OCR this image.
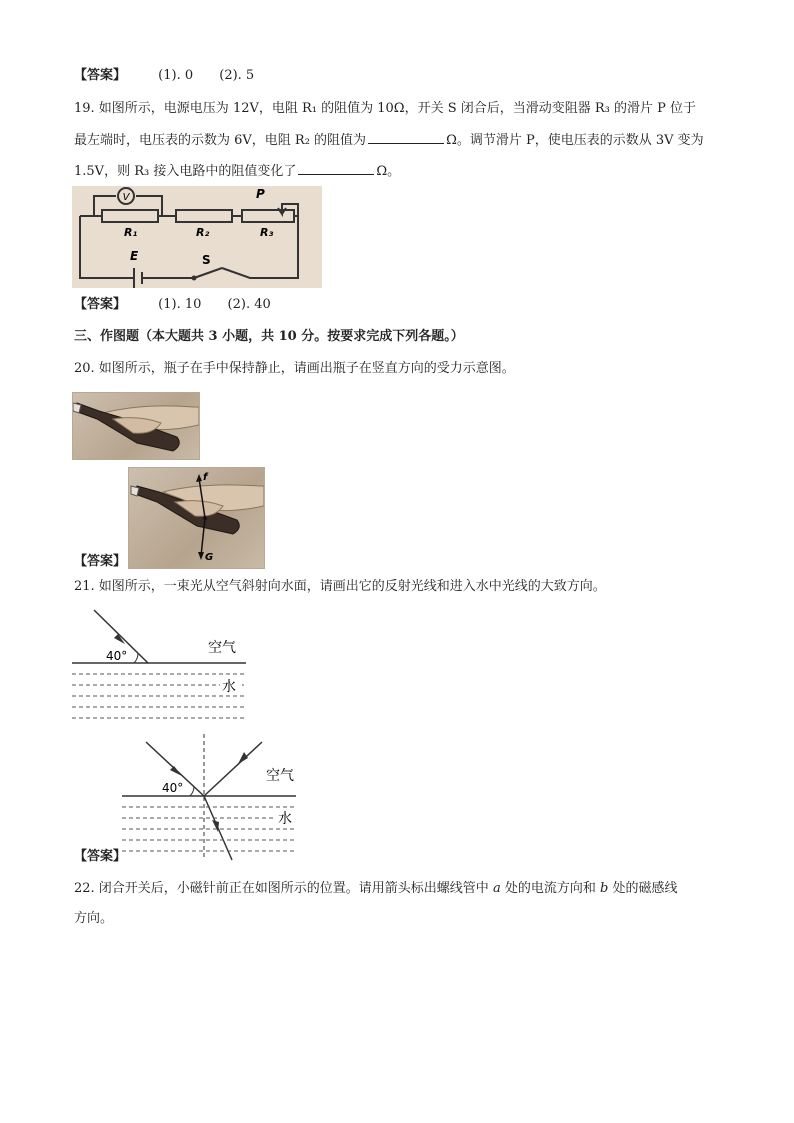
【答案】 (1). 0 (2). 5
19. 如图所示，电源电压为 12V，电阻 R₁ 的阻值为 10Ω，开关 S 闭合后，当滑动变阻器 R₃ 的滑片 P 位于
最左端时，电压表的示数为 6V，电阻 R₂ 的阻值为	Ω。调节滑片 P，使电压表的示数从 3V 变为
1.5V，则 R₃ 接入电路中的阻值变化了	Ω。
V	P
R₁	R₂	R₃
E	S
【答案】 (1). 10 (2). 40
三、作图题（本大题共 3 小题，共 10 分。按要求完成下列各题。）
20. 如图所示，瓶子在手中保持静止，请画出瓶子在竖直方向的受力示意图。
f
G
【答案】
21. 如图所示，一束光从空气斜射向水面，请画出它的反射光线和进入水中光线的大致方向。
40°	空气
水
40°
空气
水
【答案】
22. 闭合开关后，小磁针前正在如图所示的位置。请用箭头标出螺线管中 a 处的电流方向和 b 处的磁感线
方向。
